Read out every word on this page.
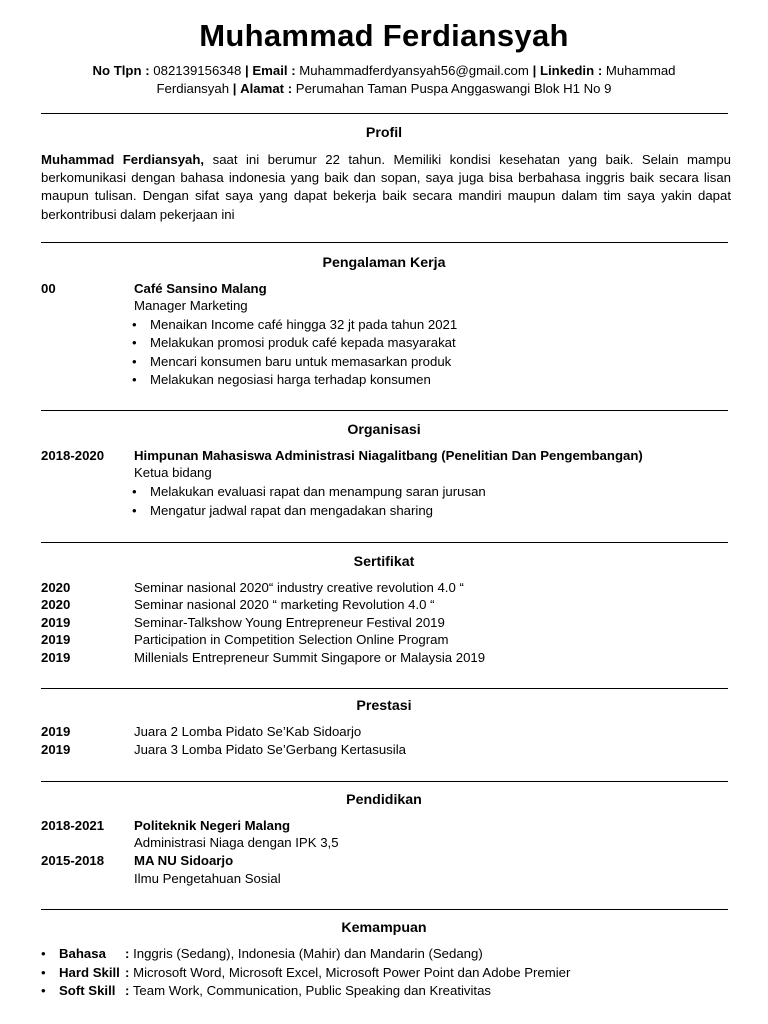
Muhammad Ferdiansyah
No Tlpn : 082139156348 | Email : Muhammadferdyansyah56@gmail.com | Linkedin : Muhammad Ferdiansyah | Alamat : Perumahan Taman Puspa Anggaswangi Blok H1 No 9
Profil
Muhammad Ferdiansyah, saat ini berumur 22 tahun. Memiliki kondisi kesehatan yang baik. Selain mampu berkomunikasi dengan bahasa indonesia yang baik dan sopan, saya juga bisa berbahasa inggris baik secara lisan maupun tulisan. Dengan sifat saya yang dapat bekerja baik secara mandiri maupun dalam tim saya yakin dapat berkontribusi dalam pekerjaan ini
Pengalaman Kerja
00	Café Sansino Malang
Manager Marketing
• Menaikan Income café hingga 32 jt pada tahun 2021
• Melakukan promosi produk café kepada masyarakat
• Mencari konsumen baru untuk memasarkan produk
• Melakukan negosiasi harga terhadap konsumen
Organisasi
2018-2020 Himpunan Mahasiswa Administrasi Niagalitbang (Penelitian Dan Pengembangan)
Ketua bidang
• Melakukan evaluasi rapat dan menampung saran jurusan
• Mengatur jadwal rapat dan mengadakan sharing
Sertifikat
2020	Seminar nasional 2020“ industry creative revolution 4.0 “
2020	Seminar nasional 2020 “ marketing Revolution 4.0 “
2019	Seminar-Talkshow Young Entrepreneur Festival 2019
2019	Participation in Competition Selection Online Program
2019	Millenials Entrepreneur Summit Singapore or Malaysia 2019
Prestasi
2019	Juara 2 Lomba Pidato Se’Kab Sidoarjo
2019	Juara 3 Lomba Pidato Se’Gerbang Kertasusila
Pendidikan
2018-2021 Politeknik Negeri Malang
Administrasi Niaga dengan IPK 3,5
2015-2018 MA NU Sidoarjo
Ilmu Pengetahuan Sosial
Kemampuan
• Bahasa : Inggris (Sedang), Indonesia (Mahir) dan Mandarin (Sedang)
• Hard Skill : Microsoft Word, Microsoft Excel, Microsoft Power Point dan Adobe Premier
• Soft Skill : Team Work, Communication, Public Speaking dan Kreativitas
